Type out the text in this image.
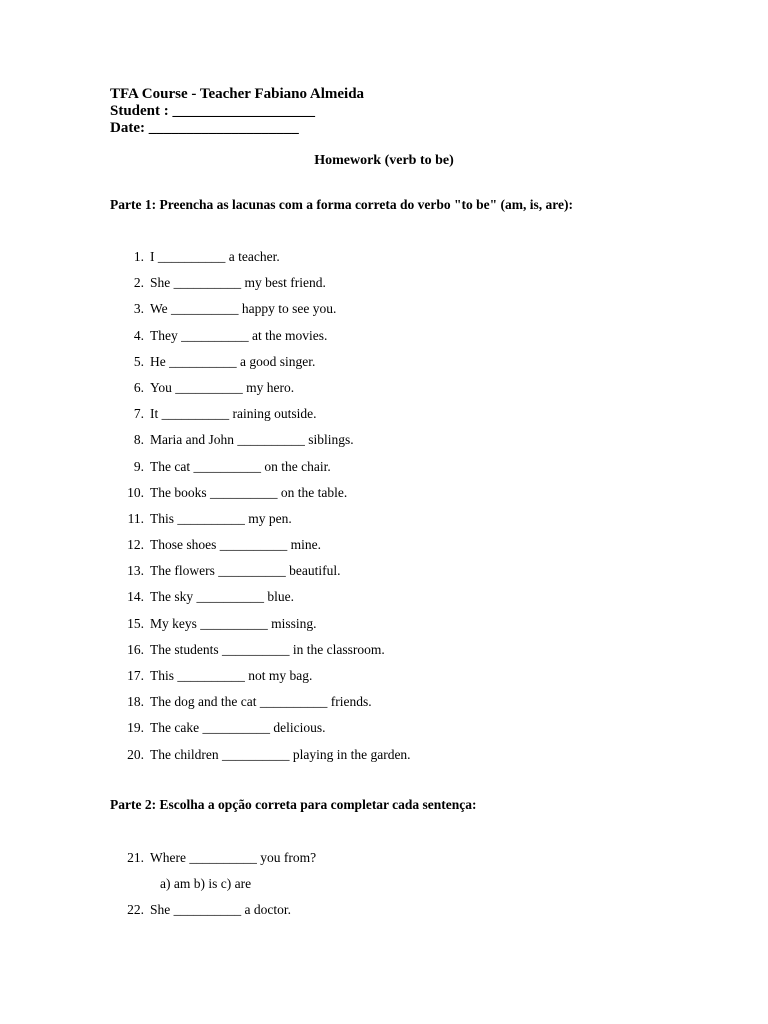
TFA Course - Teacher Fabiano Almeida
Student : ___________________
Date: ____________________
Homework (verb to be)
Parte 1: Preencha as lacunas com a forma correta do verbo "to be" (am, is, are):
1. I __________ a teacher.
2. She __________ my best friend.
3. We __________ happy to see you.
4. They __________ at the movies.
5. He __________ a good singer.
6. You __________ my hero.
7. It __________ raining outside.
8. Maria and John __________ siblings.
9. The cat __________ on the chair.
10. The books __________ on the table.
11. This __________ my pen.
12. Those shoes __________ mine.
13. The flowers __________ beautiful.
14. The sky __________ blue.
15. My keys __________ missing.
16. The students __________ in the classroom.
17. This __________ not my bag.
18. The dog and the cat __________ friends.
19. The cake __________ delicious.
20. The children __________ playing in the garden.
Parte 2: Escolha a opção correta para completar cada sentença:
21. Where __________ you from?
a) am b) is c) are
22. She __________ a doctor.
